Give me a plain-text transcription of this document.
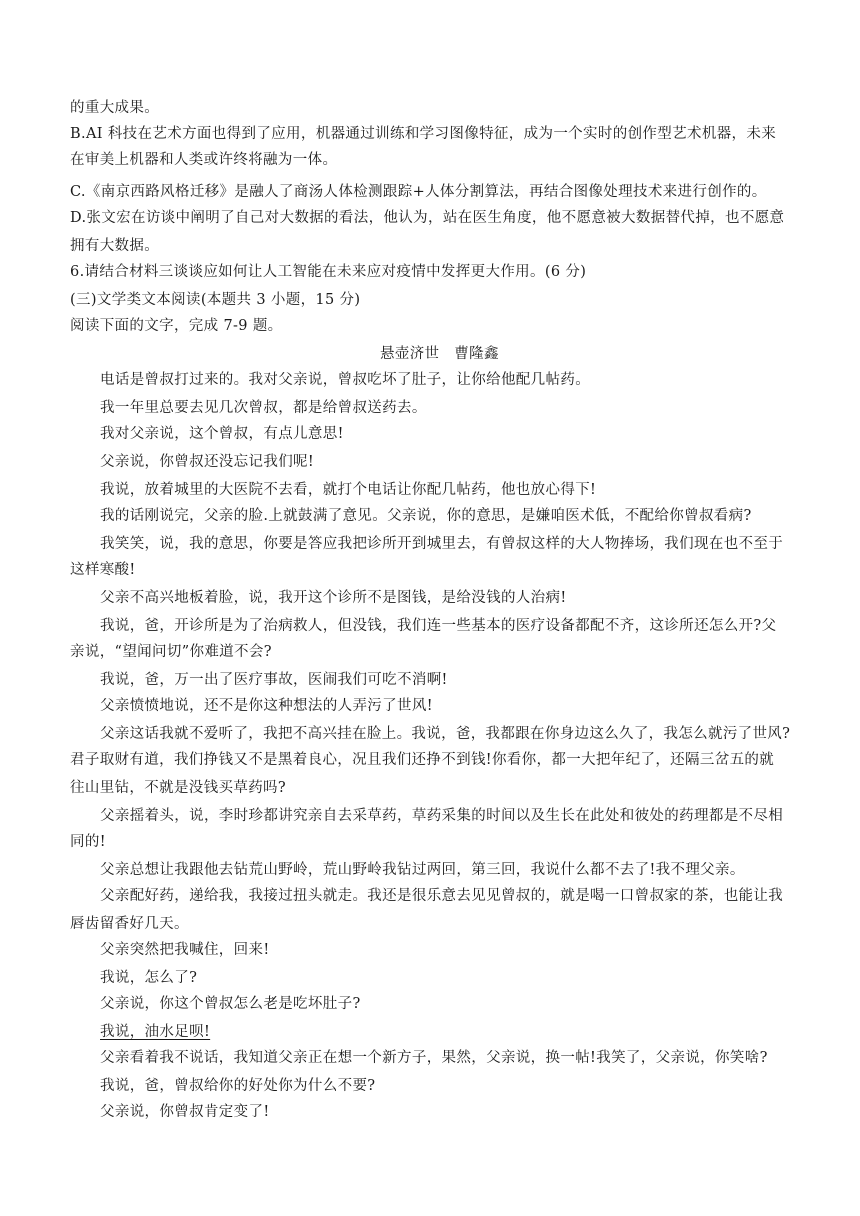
的重大成果。
B.AI 科技在艺术方面也得到了应用，机器通过训练和学习图像特征，成为一个实时的创作型艺术机器，未来
在审美上机器和人类或许终将融为一体。
C.《南京西路风格迁移》是融人了商汤人体检测跟踪+人体分割算法，再结合图像处理技术来进行创作的。
D.张文宏在访谈中阐明了自己对大数据的看法，他认为，站在医生角度，他不愿意被大数据替代掉，也不愿意
拥有大数据。
6.请结合材料三谈谈应如何让人工智能在未来应对疫情中发挥更大作用。(6 分)
(三)文学类文本阅读(本题共 3 小题，15 分)
阅读下面的文字，完成 7-9 题。
悬壶济世　曹隆鑫
电话是曾叔打过来的。我对父亲说，曾叔吃坏了肚子，让你给他配几帖药。
我一年里总要去见几次曾叔，都是给曾叔送药去。
我对父亲说，这个曾叔，有点儿意思!
父亲说，你曾叔还没忘记我们呢!
我说，放着城里的大医院不去看，就打个电话让你配几帖药，他也放心得下!
我的话刚说完，父亲的脸.上就鼓满了意见。父亲说，你的意思，是嫌咱医术低，不配给你曾叔看病?
我笑笑，说，我的意思，你要是答应我把诊所开到城里去，有曾叔这样的大人物捧场，我们现在也不至于
这样寒酸!
父亲不高兴地板着脸，说，我开这个诊所不是图钱，是给没钱的人治病!
我说，爸，开诊所是为了治病救人，但没钱，我们连一些基本的医疗设备都配不齐，这诊所还怎么开?父
亲说，“望闻问切”你难道不会?
我说，爸，万一出了医疗事故，医闹我们可吃不消啊!
父亲愤愤地说，还不是你这种想法的人弄污了世风!
父亲这话我就不爱听了，我把不高兴挂在脸上。我说，爸，我都跟在你身边这么久了，我怎么就污了世风?
君子取财有道，我们挣钱又不是黑着良心，况且我们还挣不到钱!你看你，都一大把年纪了，还隔三岔五的就
往山里钻，不就是没钱买草药吗?
父亲摇着头，说，李时珍都讲究亲自去采草药，草药采集的时间以及生长在此处和彼处的药理都是不尽相
同的!
父亲总想让我跟他去钻荒山野岭，荒山野岭我钻过两回，第三回，我说什么都不去了!我不理父亲。
父亲配好药，递给我，我接过扭头就走。我还是很乐意去见见曾叔的，就是喝一口曾叔家的茶，也能让我
唇齿留香好几天。
父亲突然把我喊住，回来!
我说，怎么了?
父亲说，你这个曾叔怎么老是吃坏肚子?
我说，油水足呗!
父亲看着我不说话，我知道父亲正在想一个新方子，果然，父亲说，换一帖!我笑了，父亲说，你笑啥?
我说，爸，曾叔给你的好处你为什么不要?
父亲说，你曾叔肯定变了!
